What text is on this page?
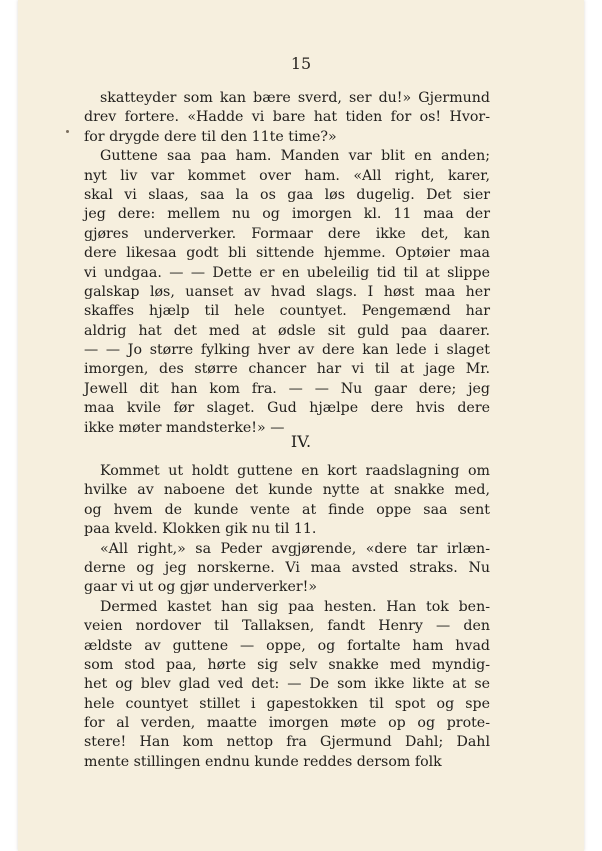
15
skatteyder som kan bære sverd, ser du!» Gjermund
drev fortere. «Hadde vi bare hat tiden for os! Hvor-
for drygde dere til den 11te time?»
Guttene saa paa ham. Manden var blit en anden;
nyt liv var kommet over ham. «All right, karer,
skal vi slaas, saa la os gaa løs dugelig. Det sier
jeg dere: mellem nu og imorgen kl. 11 maa der
gjøres underverker. Formaar dere ikke det, kan
dere likesaa godt bli sittende hjemme. Optøier maa
vi undgaa. — — Dette er en ubeleilig tid til at slippe
galskap løs, uanset av hvad slags. I høst maa her
skaffes hjælp til hele countyet. Pengemænd har
aldrig hat det med at ødsle sit guld paa daarer.
— — Jo større fylking hver av dere kan lede i slaget
imorgen, des større chancer har vi til at jage Mr.
Jewell dit han kom fra. — — Nu gaar dere; jeg
maa kvile før slaget. Gud hjælpe dere hvis dere
ikke møter mandsterke!» —
IV.
Kommet ut holdt guttene en kort raadslagning om
hvilke av naboene det kunde nytte at snakke med,
og hvem de kunde vente at finde oppe saa sent
paa kveld. Klokken gik nu til 11.
«All right,» sa Peder avgjørende, «dere tar irlæn-
derne og jeg norskerne. Vi maa avsted straks. Nu
gaar vi ut og gjør underverker!»
Dermed kastet han sig paa hesten. Han tok ben-
veien nordover til Tallaksen, fandt Henry — den
ældste av guttene — oppe, og fortalte ham hvad
som stod paa, hørte sig selv snakke med myndig-
het og blev glad ved det: — De som ikke likte at se
hele countyet stillet i gapestokken til spot og spe
for al verden, maatte imorgen møte op og prote-
stere! Han kom nettop fra Gjermund Dahl; Dahl
mente stillingen endnu kunde reddes dersom folk
